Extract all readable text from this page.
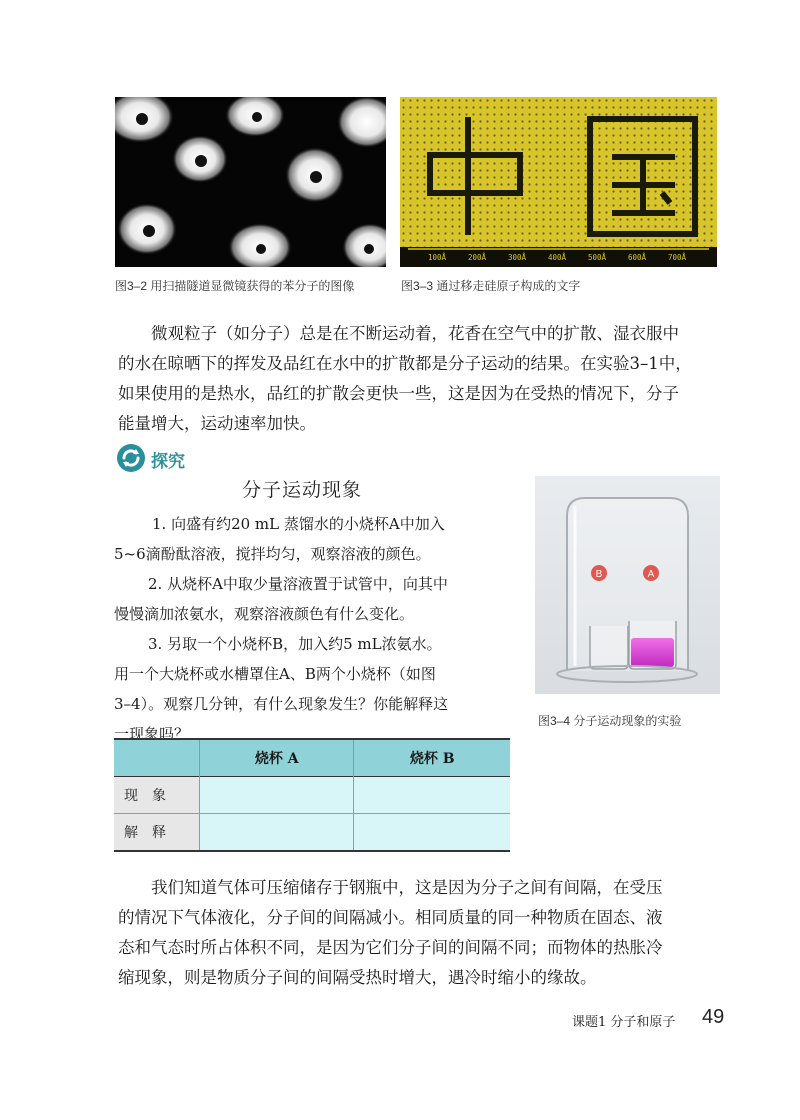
100Å	200Å	300Å	400Å	500Å	600Å	700Å
图3–2 用扫描隧道显微镜获得的苯分子的图像	图3–3 通过移走硅原子构成的文字
微观粒子（如分子）总是在不断运动着，花香在空气中的扩散、湿衣服中
的水在晾晒下的挥发及品红在水中的扩散都是分子运动的结果。在实验3–1中，
如果使用的是热水，品红的扩散会更快一些，这是因为在受热的情况下，分子
能量增大，运动速率加快。
探究
分子运动现象
1. 向盛有约20 mL 蒸馏水的小烧杯A中加入
5~6滴酚酞溶液，搅拌均匀，观察溶液的颜色。
2. 从烧杯A中取少量溶液置于试管中，向其中
慢慢滴加浓氨水，观察溶液颜色有什么变化。
3. 另取一个小烧杯B，加入约5 mL浓氨水。
用一个大烧杯或水槽罩住A、B两个小烧杯（如图
3–4）。观察几分钟，有什么现象发生？你能解释这
一现象吗？
B	A
图3–4 分子运动现象的实验
	烧杯 A	烧杯 B
现象		
解释		
我们知道气体可压缩储存于钢瓶中，这是因为分子之间有间隔，在受压
的情况下气体液化，分子间的间隔减小。相同质量的同一种物质在固态、液
态和气态时所占体积不同，是因为它们分子间的间隔不同；而物体的热胀冷
缩现象，则是物质分子间的间隔受热时增大，遇冷时缩小的缘故。
课题1 分子和原子 49
